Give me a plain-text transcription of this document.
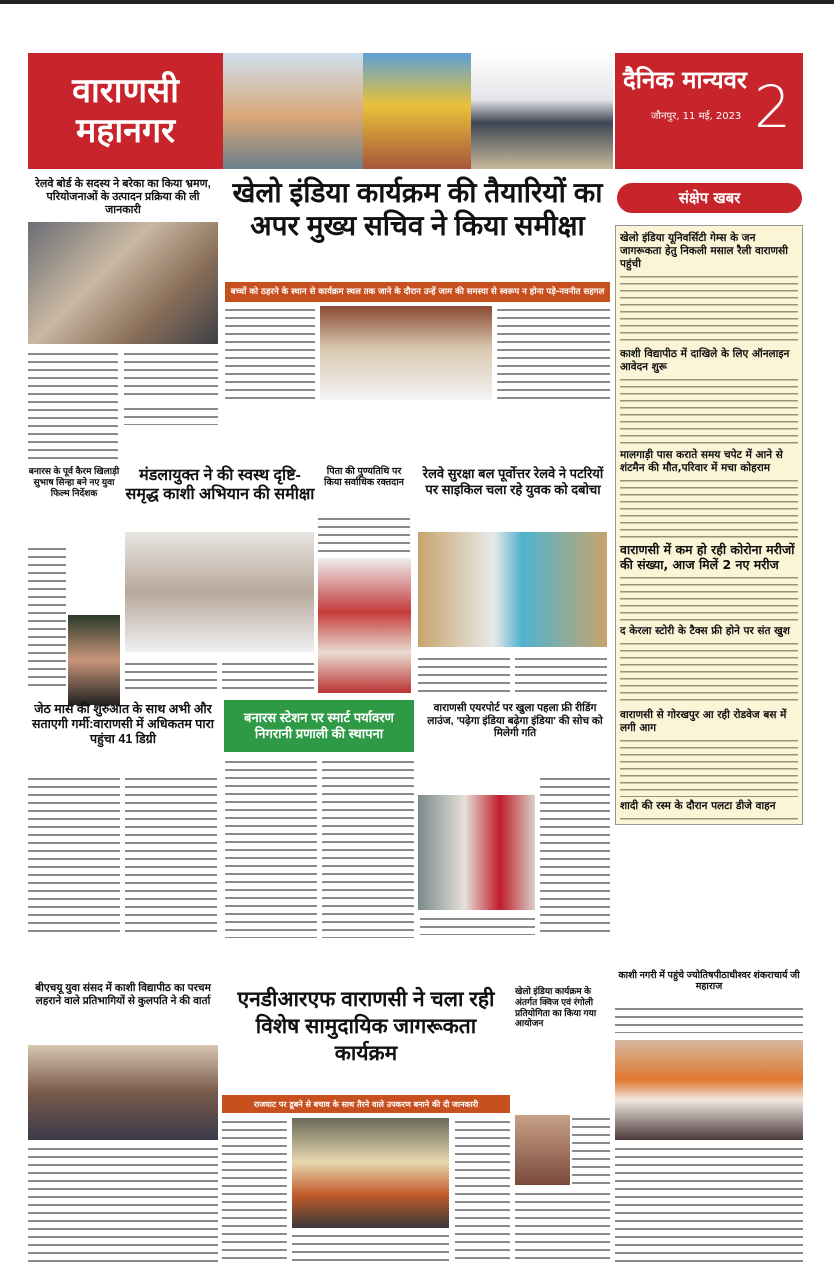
वाराणसी
महानगर
दैनिक मान्यवर
जौनपुर, 11 मई, 2023 2
रेलवे बोर्ड के सदस्य ने बरेका का किया भ्रमण, परियोजनाओं के उत्पादन प्रक्रिया की ली जानकारी
खेलो इंडिया कार्यक्रम की तैयारियों का अपर मुख्य सचिव ने किया समीक्षा
बच्चों को ठहरने के स्थान से कार्यक्रम स्थल तक जाने के दौरान उन्हें जाम की समस्या से स्वरूप न होना पड़े-नवनीत सहगल
बनारस के पूर्व कैरम खिलाड़ी सुभाष सिन्हा बने नए युवा फिल्म निर्देशक
मंडलायुक्त ने की स्वस्थ दृष्टि-समृद्ध काशी अभियान की समीक्षा
पिता की पुण्यतिथि पर किया सर्वाधिक रक्तदान
रेलवे सुरक्षा बल पूर्वोत्तर रेलवे ने पटरियों पर साइकिल चला रहे युवक को दबोचा
जेठ मास की शुरुआत के साथ अभी और सताएगी गर्मी:वाराणसी में अधिकतम पारा पहुंचा 41 डिग्री
बनारस स्टेशन पर स्मार्ट पर्यावरण निगरानी प्रणाली की स्थापना
वाराणसी एयरपोर्ट पर खुला पहला फ्री रीडिंग लाउंज, 'पढ़ेगा इंडिया बढ़ेगा इंडिया' की सोच को मिलेगी गति
बीएचयू युवा संसद में काशी विद्यापीठ का परचम लहराने वाले प्रतिभागियों से कुलपति ने की वार्ता	एनडीआरएफ वाराणसी ने चला रही विशेष सामुदायिक जागरूकता कार्यक्रम
राजघाट पर डूबने से बचाव के साथ तैरने वाले उपकरण बनाने की दी जानकारी
खेलो इंडिया कार्यक्रम के अंतर्गत क्विज एवं रंगोली प्रतियोगिता का किया गया आयोजन
संक्षेप खबर
खेलो इंडिया यूनिवर्सिटी गेम्स के जन जागरूकता हेतु निकली मसाल रैली वाराणसी पहुंची
काशी विद्यापीठ में दाखिले के लिए ऑनलाइन आवेदन शुरू
मालगाड़ी पास कराते समय चपेट में आने से शंटमैन की मौत,परिवार में मचा कोहराम
वाराणसी में कम हो रही कोरोना मरीजों की संख्या, आज मिलें 2 नए मरीज
द केरला स्टोरी के टैक्स फ्री होने पर संत खुश
वाराणसी से गोरखपुर आ रही रोडवेज बस में लगी आग
शादी की रस्म के दौरान पलटा डीजे वाहन
काशी नगरी में पहुंचे ज्योतिषपीठाधीश्वर शंकराचार्य जी महाराज
